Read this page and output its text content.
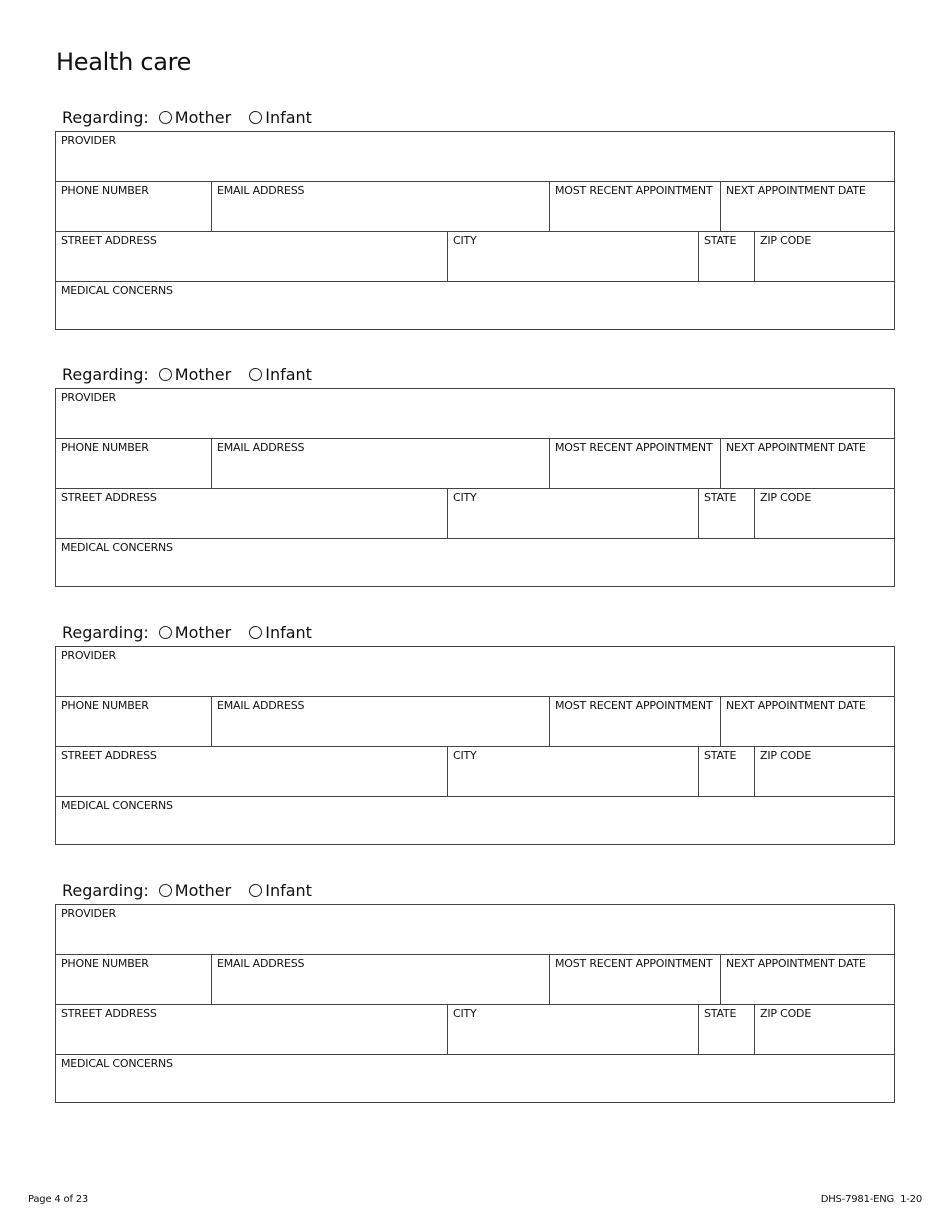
Health care
Regarding: Mother Infant
PROVIDER
PHONE NUMBER	EMAIL ADDRESS	MOST RECENT APPOINTMENT	NEXT APPOINTMENT DATE
STREET ADDRESS	CITY	STATE	ZIP CODE
MEDICAL CONCERNS
Regarding: Mother Infant
PROVIDER
PHONE NUMBER	EMAIL ADDRESS	MOST RECENT APPOINTMENT	NEXT APPOINTMENT DATE
STREET ADDRESS	CITY	STATE	ZIP CODE
MEDICAL CONCERNS
Regarding: Mother Infant
PROVIDER
PHONE NUMBER	EMAIL ADDRESS	MOST RECENT APPOINTMENT	NEXT APPOINTMENT DATE
STREET ADDRESS	CITY	STATE	ZIP CODE
MEDICAL CONCERNS
Regarding: Mother Infant
PROVIDER
PHONE NUMBER	EMAIL ADDRESS	MOST RECENT APPOINTMENT	NEXT APPOINTMENT DATE
STREET ADDRESS	CITY	STATE	ZIP CODE
MEDICAL CONCERNS
Page 4 of 23	DHS-7981-ENG 1-20
